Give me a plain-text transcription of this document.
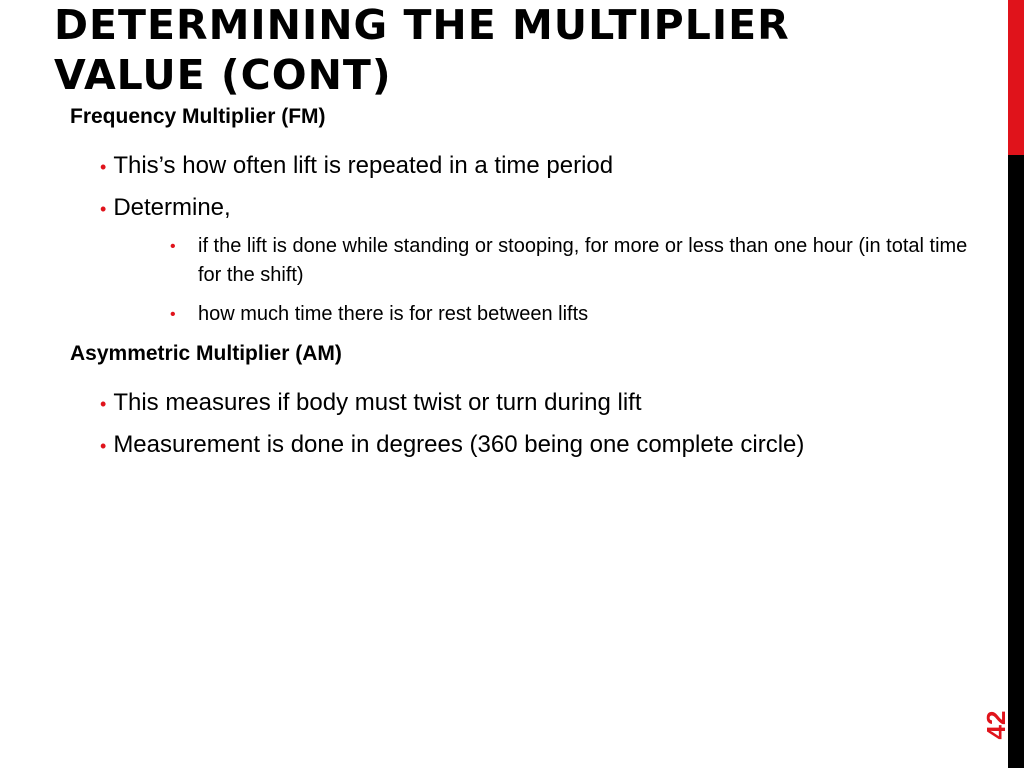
DETERMINING THE MULTIPLIER VALUE (CONT)
42

Frequency Multiplier (FM)

• This’s how often lift is repeated in a time period
• Determine,
• if the lift is done while standing or stooping, for more or less than one hour (in total time for the shift)
• how much time there is for rest between lifts

Asymmetric Multiplier (AM)

• This measures if body must twist or turn during lift
• Measurement is done in degrees (360 being one complete circle)
